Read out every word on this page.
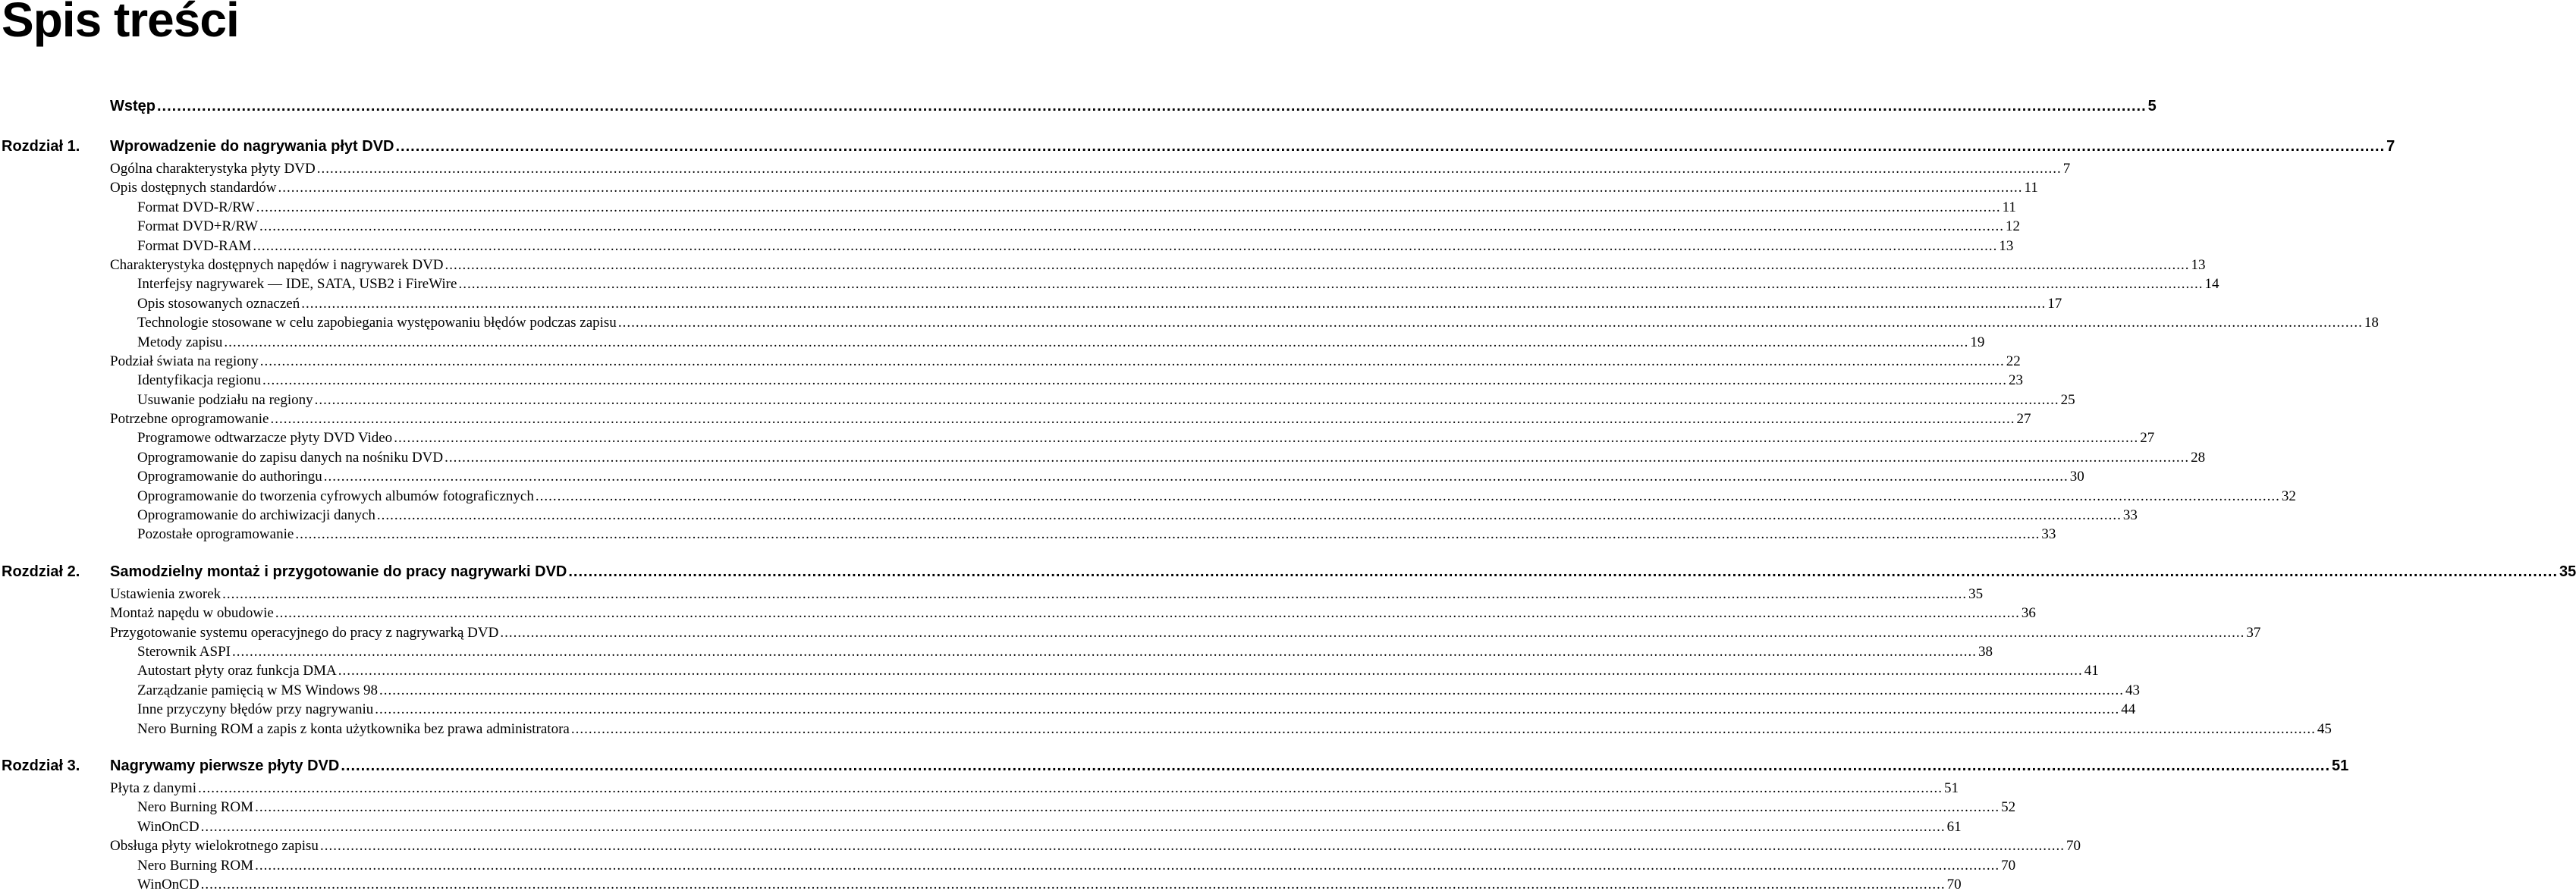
Spis treści
Wstęp ................................................................................................................................................................................................................................................................................................................................................................................................................ 5
Rozdział 1. Wprowadzenie do nagrywania płyt DVD ................................................................................................................................................................................................................................................................................................................................................................................................................ 7
Ogólna charakterystyka płyty DVD ................................................................................................................................................................................................................................................................................................................................................................................................................ 7
Opis dostępnych standardów ................................................................................................................................................................................................................................................................................................................................................................................................................ 11
Format DVD-R/RW ................................................................................................................................................................................................................................................................................................................................................................................................................ 11
Format DVD+R/RW ................................................................................................................................................................................................................................................................................................................................................................................................................ 12
Format DVD-RAM ................................................................................................................................................................................................................................................................................................................................................................................................................ 13
Charakterystyka dostępnych napędów i nagrywarek DVD ................................................................................................................................................................................................................................................................................................................................................................................................................ 13
Interfejsy nagrywarek — IDE, SATA, USB2 i FireWire ................................................................................................................................................................................................................................................................................................................................................................................................................ 14
Opis stosowanych oznaczeń ................................................................................................................................................................................................................................................................................................................................................................................................................ 17
Technologie stosowane w celu zapobiegania występowaniu błędów podczas zapisu ................................................................................................................................................................................................................................................................................................................................................................................................................ 18
Metody zapisu ................................................................................................................................................................................................................................................................................................................................................................................................................ 19
Podział świata na regiony ................................................................................................................................................................................................................................................................................................................................................................................................................ 22
Identyfikacja regionu ................................................................................................................................................................................................................................................................................................................................................................................................................ 23
Usuwanie podziału na regiony ................................................................................................................................................................................................................................................................................................................................................................................................................ 25
Potrzebne oprogramowanie ................................................................................................................................................................................................................................................................................................................................................................................................................ 27
Programowe odtwarzacze płyty DVD Video ................................................................................................................................................................................................................................................................................................................................................................................................................ 27
Oprogramowanie do zapisu danych na nośniku DVD ................................................................................................................................................................................................................................................................................................................................................................................................................ 28
Oprogramowanie do authoringu ................................................................................................................................................................................................................................................................................................................................................................................................................ 30
Oprogramowanie do tworzenia cyfrowych albumów fotograficznych ................................................................................................................................................................................................................................................................................................................................................................................................................ 32
Oprogramowanie do archiwizacji danych ................................................................................................................................................................................................................................................................................................................................................................................................................ 33
Pozostałe oprogramowanie ................................................................................................................................................................................................................................................................................................................................................................................................................ 33
Rozdział 2. Samodzielny montaż i przygotowanie do pracy nagrywarki DVD ................................................................................................................................................................................................................................................................................................................................................................................................................ 35
Ustawienia zworek ................................................................................................................................................................................................................................................................................................................................................................................................................ 35
Montaż napędu w obudowie ................................................................................................................................................................................................................................................................................................................................................................................................................ 36
Przygotowanie systemu operacyjnego do pracy z nagrywarką DVD ................................................................................................................................................................................................................................................................................................................................................................................................................ 37
Sterownik ASPI ................................................................................................................................................................................................................................................................................................................................................................................................................ 38
Autostart płyty oraz funkcja DMA ................................................................................................................................................................................................................................................................................................................................................................................................................ 41
Zarządzanie pamięcią w MS Windows 98 ................................................................................................................................................................................................................................................................................................................................................................................................................ 43
Inne przyczyny błędów przy nagrywaniu ................................................................................................................................................................................................................................................................................................................................................................................................................ 44
Nero Burning ROM a zapis z konta użytkownika bez prawa administratora ................................................................................................................................................................................................................................................................................................................................................................................................................ 45
Rozdział 3. Nagrywamy pierwsze płyty DVD ................................................................................................................................................................................................................................................................................................................................................................................................................ 51
Płyta z danymi ................................................................................................................................................................................................................................................................................................................................................................................................................ 51
Nero Burning ROM ................................................................................................................................................................................................................................................................................................................................................................................................................ 52
WinOnCD ................................................................................................................................................................................................................................................................................................................................................................................................................ 61
Obsługa płyty wielokrotnego zapisu ................................................................................................................................................................................................................................................................................................................................................................................................................ 70
Nero Burning ROM ................................................................................................................................................................................................................................................................................................................................................................................................................ 70
WinOnCD ................................................................................................................................................................................................................................................................................................................................................................................................................ 70
